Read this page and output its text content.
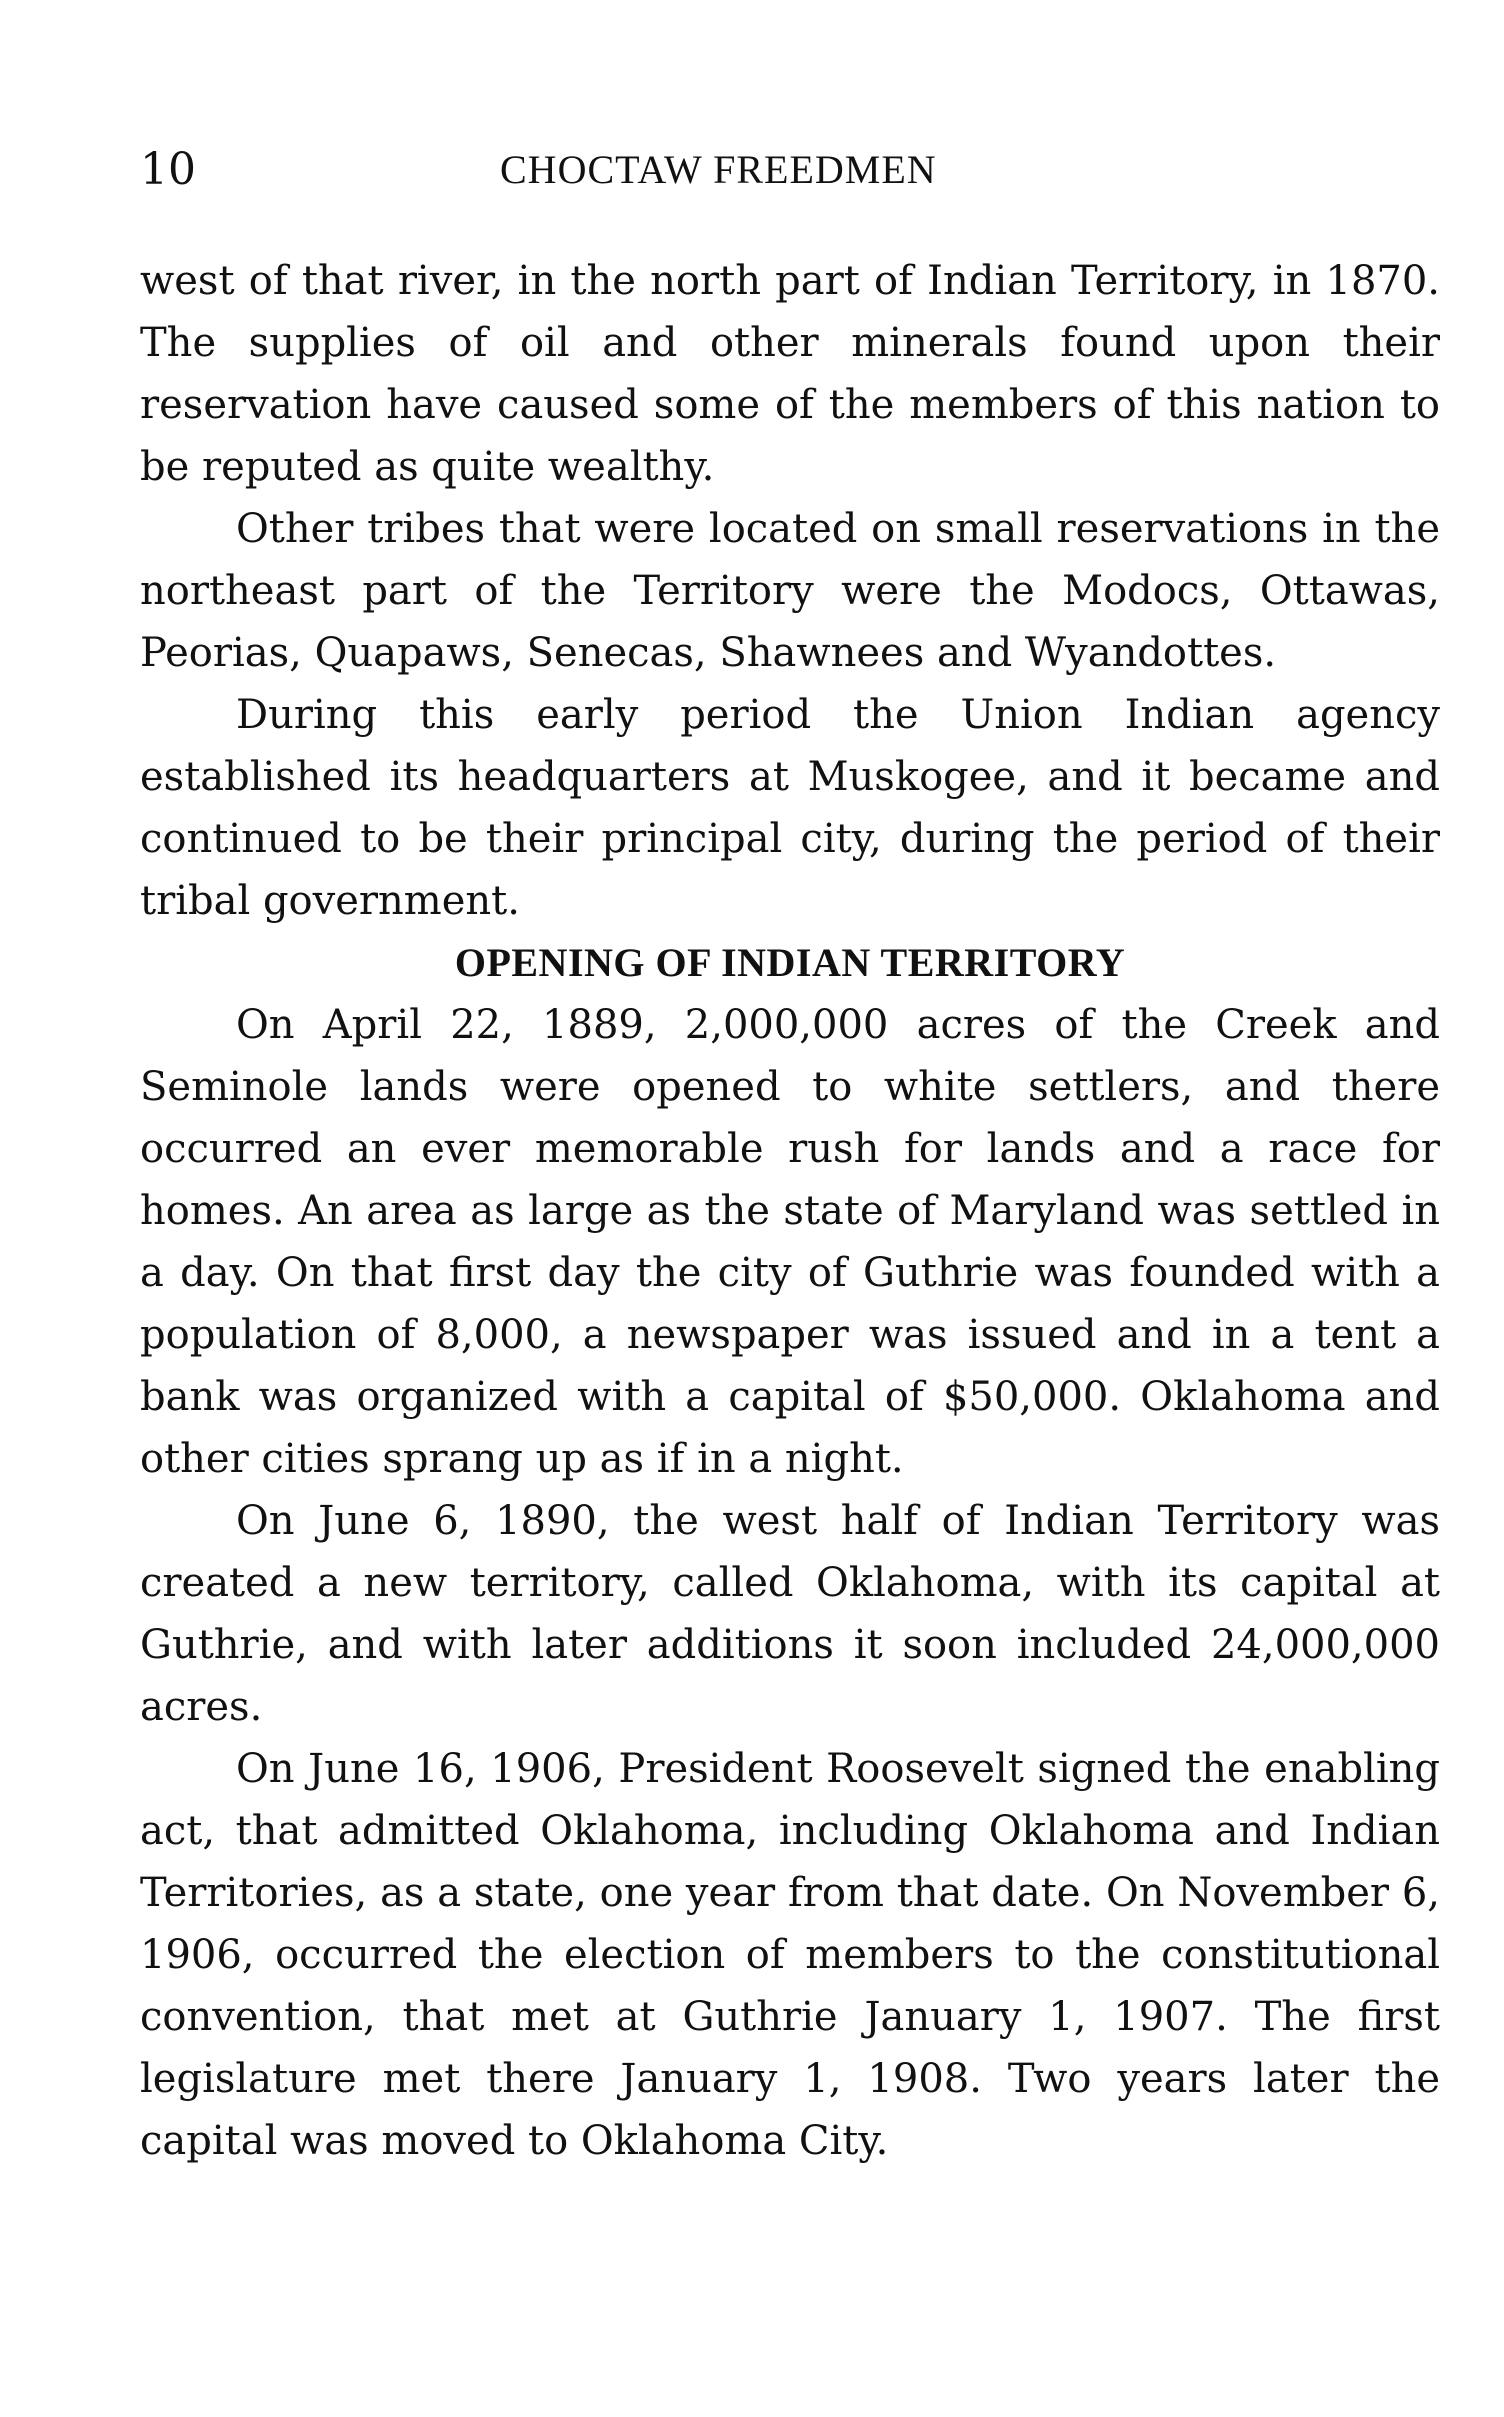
10	CHOCTAW FREEDMEN

west of that river, in the north part of Indian Territory, in 1870. The supplies of oil and other minerals found upon their reservation have caused some of the members of this nation to be reputed as quite wealthy.

Other tribes that were located on small reservations in the northeast part of the Territory were the Modocs, Ottawas, Peorias, Quapaws, Senecas, Shawnees and Wyandottes.

During this early period the Union Indian agency established its headquarters at Muskogee, and it became and continued to be their principal city, during the period of their tribal government.

OPENING OF INDIAN TERRITORY

On April 22, 1889, 2,000,000 acres of the Creek and Seminole lands were opened to white settlers, and there occurred an ever memorable rush for lands and a race for homes. An area as large as the state of Maryland was settled in a day. On that first day the city of Guthrie was founded with a population of 8,000, a newspaper was issued and in a tent a bank was organized with a capital of $50,000. Oklahoma and other cities sprang up as if in a night.

On June 6, 1890, the west half of Indian Territory was created a new territory, called Oklahoma, with its capital at Guthrie, and with later additions it soon included 24,000,000 acres.

On June 16, 1906, President Roosevelt signed the enabling act, that admitted Oklahoma, including Oklahoma and Indian Territories, as a state, one year from that date. On November 6, 1906, occurred the election of members to the constitutional convention, that met at Guthrie January 1, 1907. The first legislature met there January 1, 1908. Two years later the capital was moved to Oklahoma City.
